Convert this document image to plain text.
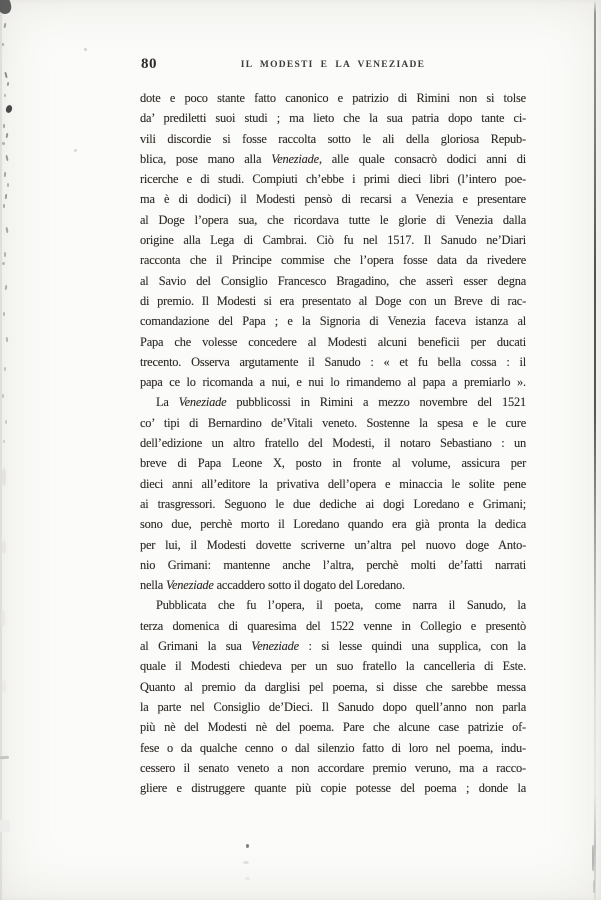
80	IL MODESTI E LA VENEZIADE
dote e poco stante fatto canonico e patrizio di Rimini non si tolse
da’ prediletti suoi studi ; ma lieto che la sua patria dopo tante ci-
vili discordie si fosse raccolta sotto le ali della gloriosa Repub-
blica, pose mano alla Veneziade, alle quale consacrò dodici anni di
ricerche e di studi. Compiuti ch’ebbe i primi dieci libri (l’intero poe-
ma è di dodici) il Modesti pensò di recarsi a Venezia e presentare
al Doge l’opera sua, che ricordava tutte le glorie di Venezia dalla
origine alla Lega di Cambrai. Ciò fu nel 1517. Il Sanudo ne’Diari
racconta che il Principe commise che l’opera fosse data da rivedere
al Savio del Consiglio Francesco Bragadino, che asserì esser degna
di premio. Il Modesti si era presentato al Doge con un Breve di rac-
comandazione del Papa ; e la Signoria di Venezia faceva istanza al
Papa che volesse concedere al Modesti alcuni beneficii per ducati
trecento. Osserva argutamente il Sanudo : « et fu bella cossa : il
papa ce lo ricomanda a nui, e nui lo rimandemo al papa a premiarlo ».
La Veneziade pubblicossi in Rimini a mezzo novembre del 1521
co’ tipi di Bernardino de’Vitali veneto. Sostenne la spesa e le cure
dell’edizione un altro fratello del Modesti, il notaro Sebastiano : un
breve di Papa Leone X, posto in fronte al volume, assicura per
dieci anni all’editore la privativa dell’opera e minaccia le solite pene
ai trasgressori. Seguono le due dediche ai dogi Loredano e Grimani;
sono due, perchè morto il Loredano quando era già pronta la dedica
per lui, il Modesti dovette scriverne un’altra pel nuovo doge Anto-
nio Grimani: mantenne anche l’altra, perchè molti de’fatti narrati
nella Veneziade accaddero sotto il dogato del Loredano.
Pubblicata che fu l’opera, il poeta, come narra il Sanudo, la
terza domenica di quaresima del 1522 venne in Collegio e presentò
al Grimani la sua Veneziade : si lesse quindi una supplica, con la
quale il Modesti chiedeva per un suo fratello la cancelleria di Este.
Quanto al premio da darglisi pel poema, si disse che sarebbe messa
la parte nel Consiglio de’Dieci. Il Sanudo dopo quell’anno non parla
più nè del Modesti nè del poema. Pare che alcune case patrizie of-
fese o da qualche cenno o dal silenzio fatto di loro nel poema, indu-
cessero il senato veneto a non accordare premio veruno, ma a racco-
gliere e distruggere quante più copie potesse del poema ; donde la
